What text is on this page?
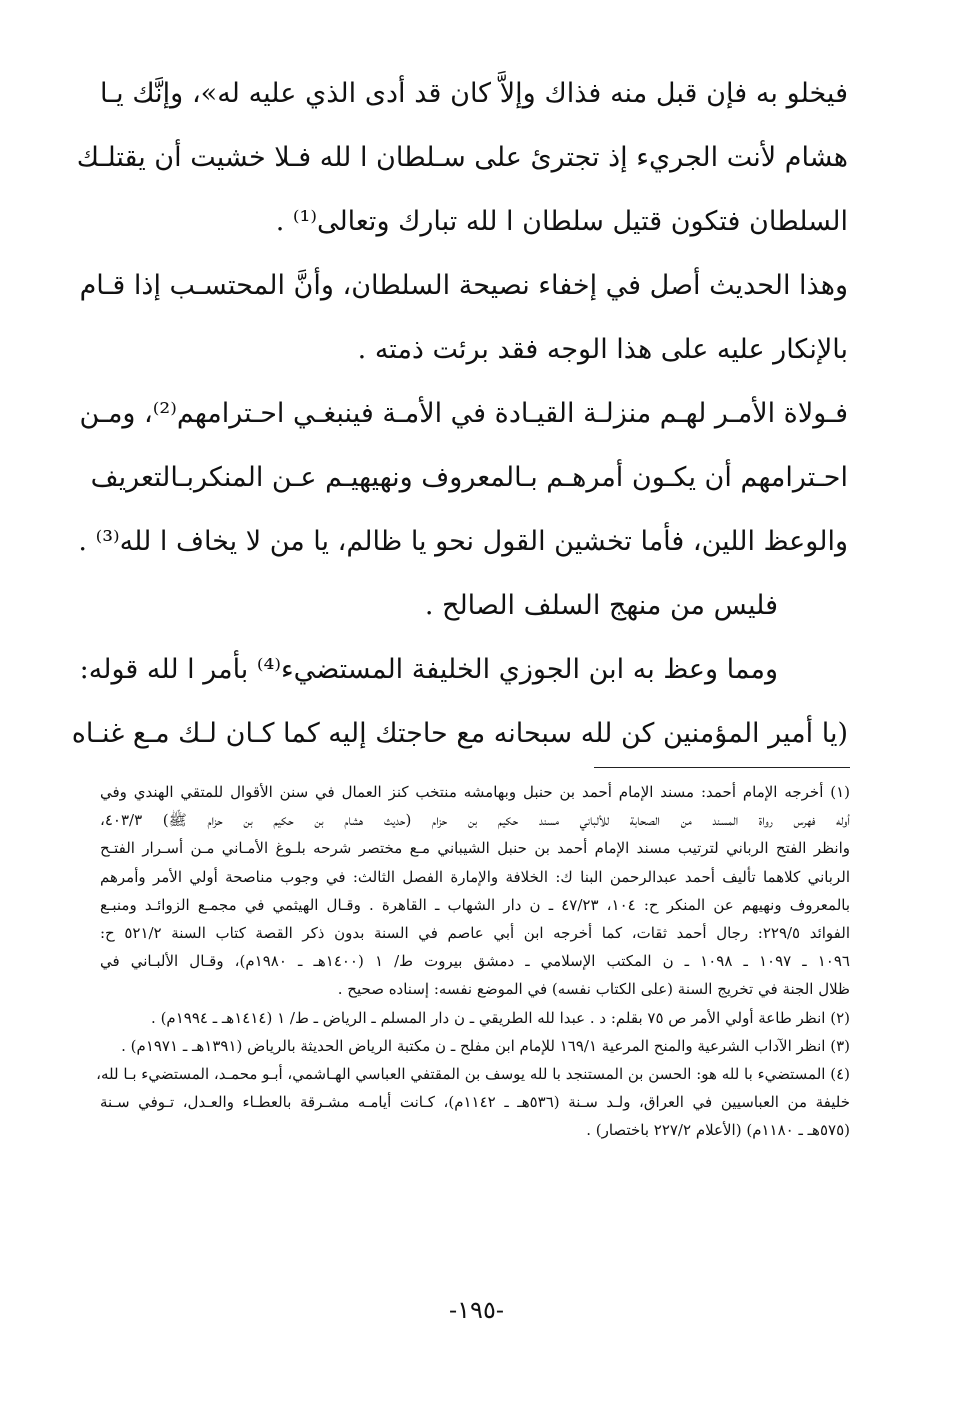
فيخلو به فإن قبل منه فذاك وإلاَّ كان قد أدى الذي عليه له»، وإنَّك يـا
هشام لأنت الجريء إذ تجترئ على سـلطان ا لله فـلا خشيت أن يقتلـك
السلطان فتكون قتيل سلطان ا لله تبارك وتعالى⁽¹⁾ .
وهذا الحديث أصل في إخفاء نصيحة السلطان، وأنَّ المحتسـب إذا قـام
بالإنكار عليه على هذا الوجه فقد برئت ذمته .
فـولاة الأمـر لهـم منزلـة القيـادة في الأمـة فينبغـي احـترامهم⁽²⁾، ومـن
احـترامهم أن يكـون أمرهـم بـالمعروف ونهيهيـم عـن المنكربـالتعريف
والوعظ اللين، فأما تخشين القول نحو يا ظالم، يا من لا يخاف ا لله⁽³⁾ .
فليس من منهج السلف الصالح .
ومما وعظ به ابن الجوزي الخليفة المستضيء⁽⁴⁾ بأمر ا لله قوله:
(يا أمير المؤمنين كن لله سبحانه مع حاجتك إليه كما كـان لـك مـع غنـاه
(١) أخرجه الإمام أحمد: مسند الإمام أحمد بن حنبل وبهامشه منتخب كنز العمال في سنن الأقوال للمتقي الهندي وفي
أوله فهرس رواة المسند من الصحابة للألباني مسند حكيم بن حزام (حديث هشام بن حكيم بن حزام ﷺ) ٤٠٣/٣،
وانظر الفتح الرباني لترتيب مسند الإمام أحمد بن حنبل الشيباني مـع مختصر شرحه بلـوغ الأمـاني مـن أسـرار الفتـح
الرباني كلاهما تأليف أحمد عبدالرحمن البنا ك: الخلافة والإمارة الفصل الثالث: في وجوب مناصحة أولي الأمر وأمرهم
بالمعروف ونهيهم عن المنكر ح: ١٠٤، ٤٧/٢٣ ـ ن دار الشهاب ـ القاهرة . وقـال الهيثمي في مجمـع الزوائـد ومنبـع
الفوائد ٢٢٩/٥: رجال أحمد ثقات، كما أخرجه ابن أبي عاصم في السنة بدون ذكر القصة كتاب السنة ٥٢١/٢ ح:
١٠٩٦ ـ ١٠٩٧ ـ ١٠٩٨ ـ ن المكتب الإسلامي ـ دمشق بيروت ط/ ١ (١٤٠٠هـ ـ ١٩٨٠م)، وقـال الألبـاني في
ظلال الجنة في تخريج السنة (على الكتاب نفسه) في الموضع نفسه: إسناده صحيح .
(٢) انظر طاعة أولي الأمر ص ٧٥ بقلم: د . عبدا لله الطريقي ـ ن دار المسلم ـ الرياض ـ ط/ ١ (١٤١٤هـ ـ ١٩٩٤م) .
(٣) انظر الآداب الشرعية والمنح المرعية ١٦٩/١ للإمام ابن مفلح ـ ن مكتبة الرياض الحديثة بالرياض (١٣٩١هـ ـ ١٩٧١م) .
(٤) المستضيء با لله هو: الحسن بن المستنجد با لله يوسف بن المقتفي العباسي الهـاشمي، أبـو محمـد، المستضيء بـا لله،
خليفة من العباسيين في العراق، ولـد سـنة (٥٣٦هـ ـ ١١٤٢م)، كـانت أيامـه مشـرقة بالعطـاء والعـدل، تـوفي سـنة
(٥٧٥هـ ـ ١١٨٠م) (الأعلام ٢٢٧/٢ باختصار) .
-١٩٥-
